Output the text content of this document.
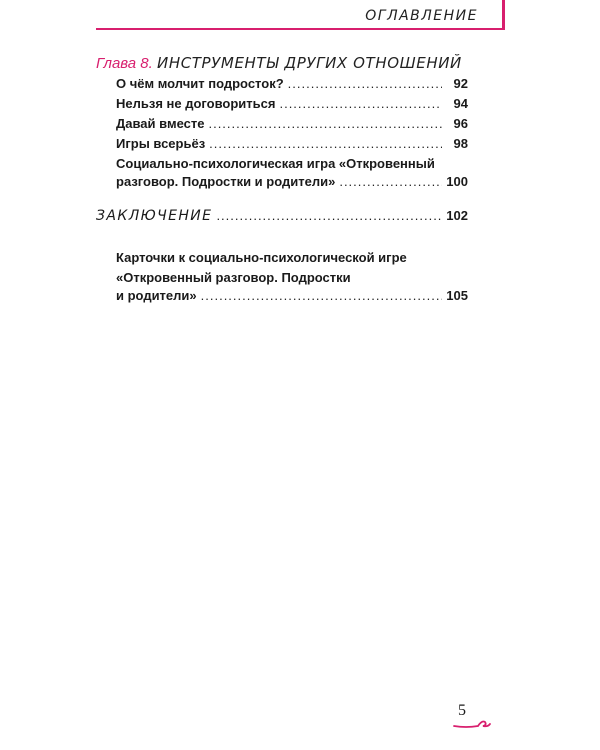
ОГЛАВЛЕНИЕ
Глава 8. ИНСТРУМЕНТЫ ДРУГИХ ОТНОШЕНИЙ
О чём молчит подросток? .....	92
Нельзя не договориться .....	94
Давай вместе .....	96
Игры всерьёз .....	98
Социально-психологическая игра «Откровенный
разговор. Подростки и родители» .....	100
ЗАКЛЮЧЕНИЕ .....	102
Карточки к социально-психологической игре
«Откровенный разговор. Подростки
и родители» .....	105
5
